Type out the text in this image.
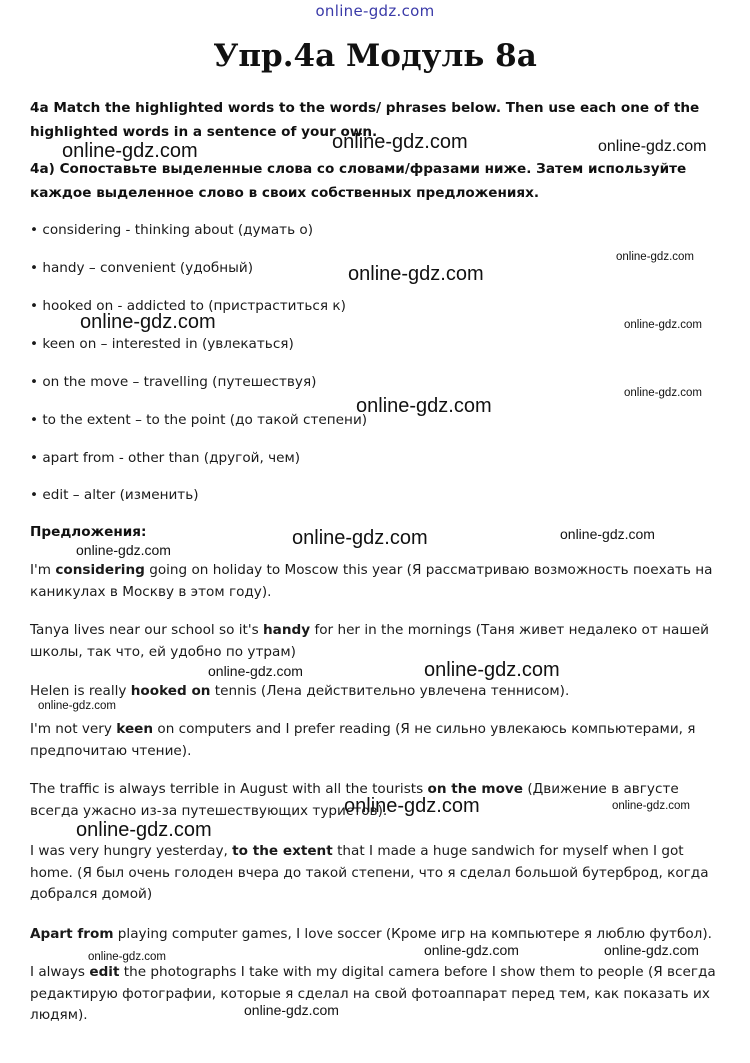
online-gdz.com
Упр.4а Модуль 8а
4a Match the highlighted words to the words/ phrases below. Then use each one of the highlighted words in a sentence of your own.
4а) Сопоставьте выделенные слова со словами/фразами ниже. Затем используйте каждое выделенное слово в своих собственных предложениях.
• considering - thinking about (думать о)
• handy – convenient (удобный)
• hooked on - addicted to (пристраститься к)
• keen on – interested in (увлекаться)
• on the move – travelling (путешествуя)
• to the extent – to the point (до такой степени)
• apart from - other than (другой, чем)
• edit – alter (изменить)
Предложения:
I'm considering going on holiday to Moscow this year (Я рассматриваю возможность поехать на каникулах в Москву в этом году).
Tanya lives near our school so it's handy for her in the mornings (Таня живет недалеко от нашей школы, так что, ей удобно по утрам)
Helen is really hooked on tennis (Лена действительно увлечена теннисом).
I'm not very keen on computers and I prefer reading (Я не сильно увлекаюсь компьютерами, я предпочитаю чтение).
The traffic is always terrible in August with all the tourists on the move (Движение в августе всегда ужасно из-за путешествующих туристов).
I was very hungry yesterday, to the extent that I made a huge sandwich for myself when I got home. (Я был очень голоден вчера до такой степени, что я сделал большой бутерброд, когда добрался домой)
Apart from playing computer games, I love soccer (Кроме игр на компьютере я люблю футбол).
I always edit the photographs I take with my digital camera before I show them to people (Я всегда редактирую фотографии, которые я сделал на свой фотоаппарат перед тем, как показать их людям).
online-gdz.com	online-gdz.com
online-gdz.com
online-gdz.com
online-gdz.com
online-gdz.com	online-gdz.com
online-gdz.com
online-gdz.com
online-gdz.com
online-gdz.com
online-gdz.com
online-gdz.com	online-gdz.com
online-gdz.com
online-gdz.com	online-gdz.com
online-gdz.com
online-gdz.com	online-gdz.com
online-gdz.com
online-gdz.com
